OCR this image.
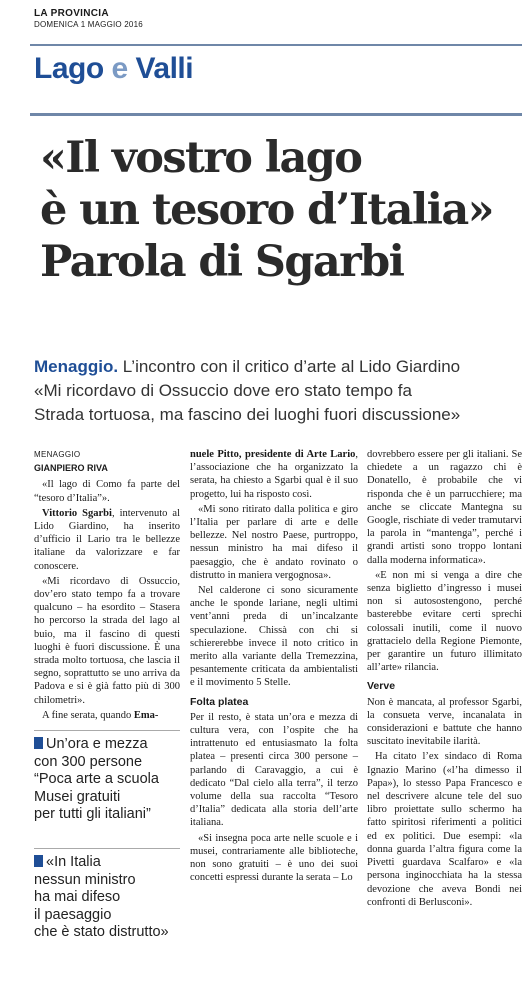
LA PROVINCIA
DOMENICA 1 MAGGIO 2016
Lago e Valli
«Il vostro lago
è un tesoro d’Italia»
Parola di Sgarbi
Menaggio. L’incontro con il critico d’arte al Lido Giardino
«Mi ricordavo di Ossuccio dove ero stato tempo fa
Strada tortuosa, ma fascino dei luoghi fuori discussione»
MENAGGIO
GIANPIERO RIVA

«Il lago di Como fa parte del “tesoro d’Italia”».

Vittorio Sgarbi, intervenuto al Lido Giardino, ha inserito d’ufficio il Lario tra le bellezze italiane da valorizzare e far conoscere.

«Mi ricordavo di Ossuccio, dov’ero stato tempo fa a trovare qualcuno – ha esordito – Stasera ho percorso la strada del lago al buio, ma il fascino di questi luoghi è fuori discussione. È una strada molto tortuosa, che lascia il segno, soprattutto se uno arriva da Padova e si è già fatto più di 300 chilometri».

A fine serata, quando Ema-

Un’ora e mezza
con 300 persone
“Poca arte a scuola
Musei gratuiti
per tutti gli italiani”
«In Italia
nessun ministro
ha mai difeso
il paesaggio
che è stato distrutto»

nuele Pitto, presidente di Arte Lario, l’associazione che ha organizzato la serata, ha chiesto a Sgarbi qual è il suo progetto, lui ha risposto così.

«Mi sono ritirato dalla politica e giro l’Italia per parlare di arte e delle bellezze. Nel nostro Paese, purtroppo, nessun ministro ha mai difeso il paesaggio, che è andato rovinato o distrutto in maniera vergognosa».

Nel calderone ci sono sicuramente anche le sponde lariane, negli ultimi vent’anni preda di un’incalzante speculazione. Chissà con chi si schiererebbe invece il noto critico in merito alla variante della Tremezzina, pesantemente criticata da ambientalisti e il movimento 5 Stelle.

Folta platea

Per il resto, è stata un’ora e mezza di cultura vera, con l’ospite che ha intrattenuto ed entusiasmato la folta platea – presenti circa 300 persone – parlando di Caravaggio, a cui è dedicato “Dal cielo alla terra”, il terzo volume della sua raccolta “Tesoro d’Italia” dedicata alla storia dell’arte italiana.

«Si insegna poca arte nelle scuole e i musei, contrariamente alle biblioteche, non sono gratuiti – è uno dei suoi concetti espressi durante la serata – Lo

dovrebbero essere per gli italiani. Se chiedete a un ragazzo chi è Donatello, è probabile che vi risponda che è un parrucchiere; ma anche se cliccate Mantegna su Google, rischiate di veder tramutarvi la parola in “mantenga”, perché i grandi artisti sono troppo lontani dalla moderna informatica».

«E non mi si venga a dire che senza biglietto d’ingresso i musei non si autosostengono, perché basterebbe evitare certi sprechi colossali inutili, come il nuovo grattacielo della Regione Piemonte, per garantire un futuro illimitato all’arte» rilancia.

Verve

Non è mancata, al professor Sgarbi, la consueta verve, incanalata in considerazioni e battute che hanno suscitato inevitabile ilarità.

Ha citato l’ex sindaco di Roma Ignazio Marino («l’ha dimesso il Papa»), lo stesso Papa Francesco e nel descrivere alcune tele del suo libro proiettate sullo schermo ha fatto spiritosi riferimenti a politici ed ex politici. Due esempi: «la donna guarda l’altra figura come la Pivetti guardava Scalfaro» e «la persona inginocchiata ha la stessa devozione che aveva Bondi nei confronti di Berlusconi».
